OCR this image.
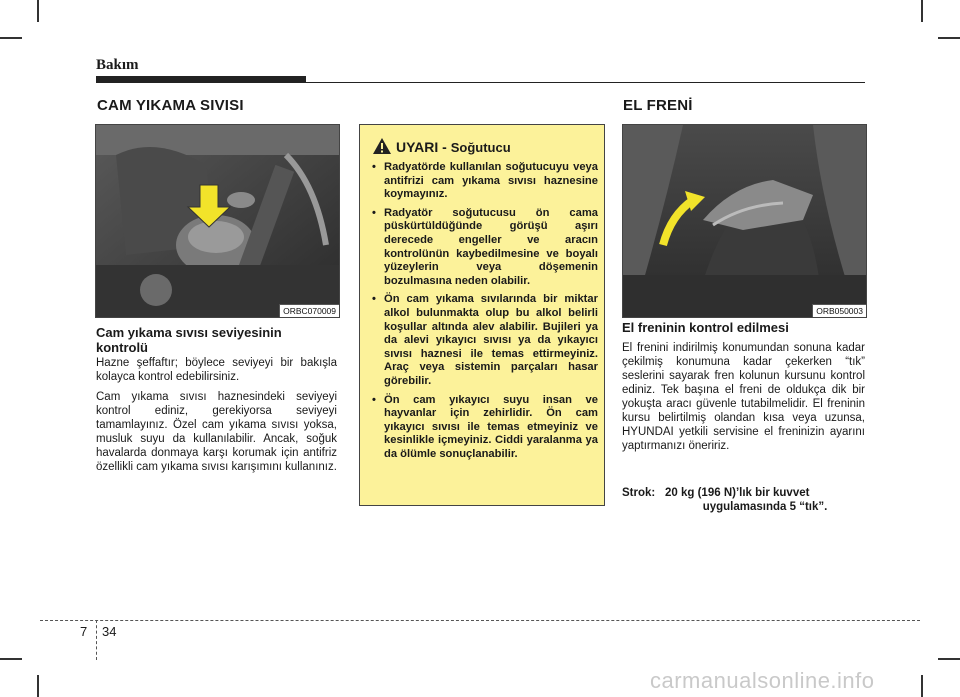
Bakım
CAM YIKAMA SIVISI	EL FRENİ
ORBC070009
Cam yıkama sıvısı seviyesinin kontrolü

Hazne şeffaftır; böylece seviyeyi bir bakışla kolayca kontrol edebilirsiniz.

Cam yıkama sıvısı haznesindeki seviyeyi kontrol ediniz, gerekiyorsa seviyeyi tamamlayınız. Özel cam yıkama sıvısı yoksa, musluk suyu da kullanılabilir. Ancak, soğuk havalarda donmaya karşı korumak için antifriz özellikli cam yıkama sıvısı karışımını kullanınız.

UYARI - Soğutucu
• Radyatörde kullanılan soğutucuyu veya antifrizi cam yıkama sıvısı haznesine koymayınız.
• Radyatör soğutucusu ön cama püskürtüldüğünde görüşü aşırı derecede engeller ve aracın kontrolünün kaybedilmesine ve boyalı yüzeylerin veya döşemenin bozulmasına neden olabilir.
• Ön cam yıkama sıvılarında bir miktar alkol bulunmakta olup bu alkol belirli koşullar altında alev alabilir. Bujileri ya da alevi yıkayıcı sıvısı ya da yıkayıcı sıvısı haznesi ile temas ettirmeyiniz. Araç veya sistemin parçaları hasar görebilir.
• Ön cam yıkayıcı suyu insan ve hayvanlar için zehirlidir. Ön cam yıkayıcı sıvısı ile temas etmeyiniz ve kesinlikle içmeyiniz. Ciddi yaralanma ya da ölümle sonuçlanabilir.
ORB050003
El freninin kontrol edilmesi

El frenini indirilmiş konumundan sonuna kadar çekilmiş konumuna kadar çekerken “tık” seslerini sayarak fren kolunun kursunu kontrol ediniz. Tek başına el freni de oldukça dik bir yokuşta aracı güvenle tutabilmelidir. El freninin kursu belirtilmiş olandan kısa veya uzunsa, HYUNDAI yetkili servisine el freninizin ayarını yaptırmanızı öneririz.

Strok: 20 kg (196 N)’lık bir kuvvet
uygulamasında 5 “tık”.
7 34
carmanualsonline.info
